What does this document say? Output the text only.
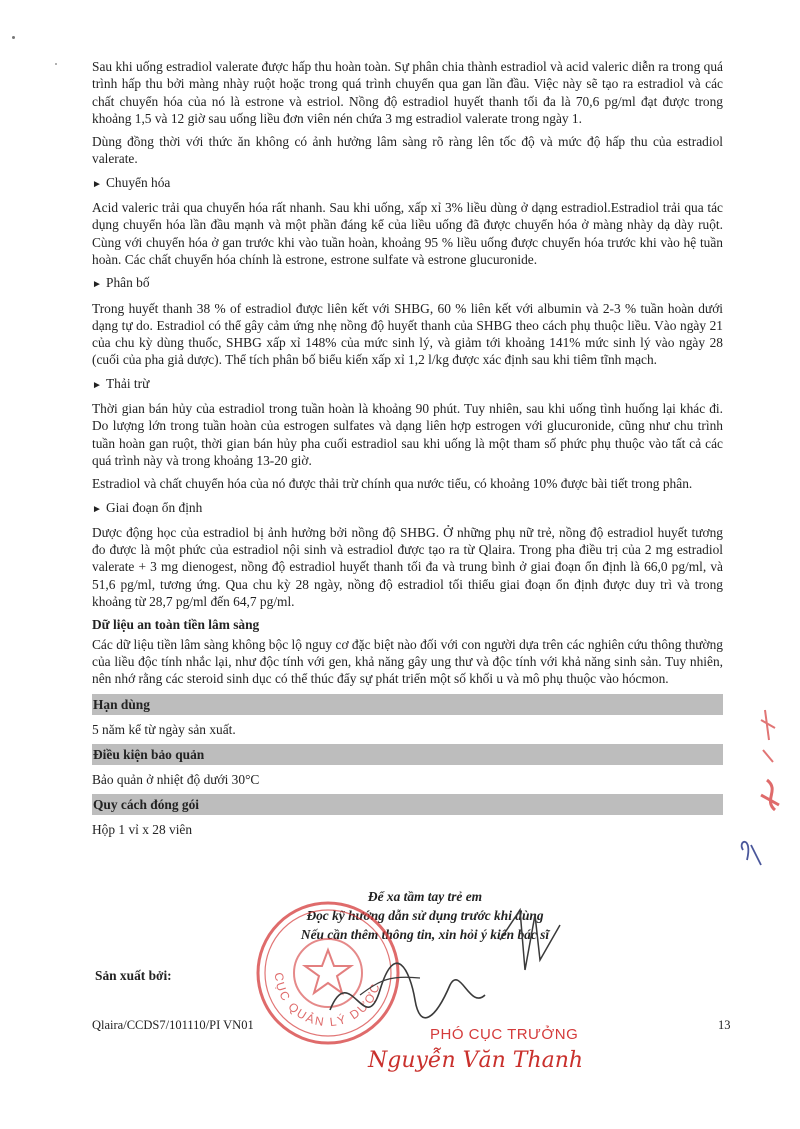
Sau khi uống estradiol valerate được hấp thu hoàn toàn. Sự phân chia thành estradiol và acid valeric diễn ra trong quá trình hấp thu bởi màng nhày ruột hoặc trong quá trình chuyển qua gan lần đầu. Việc này sẽ tạo ra estradiol và các chất chuyển hóa của nó là estrone và estriol. Nồng độ estradiol huyết thanh tối đa là 70,6 pg/ml đạt được trong khoảng 1,5 và 12 giờ sau uống liều đơn viên nén chứa 3 mg estradiol valerate trong ngày 1.

Dùng đồng thời với thức ăn không có ảnh hưởng lâm sàng rõ ràng lên tốc độ và mức độ hấp thu của estradiol valerate.

► Chuyển hóa

Acid valeric trải qua chuyển hóa rất nhanh. Sau khi uống, xấp xỉ 3% liều dùng ở dạng estradiol.Estradiol trải qua tác dụng chuyển hóa lần đầu mạnh và một phần đáng kể của liều uống đã được chuyển hóa ở màng nhày dạ dày ruột. Cùng với chuyển hóa ở gan trước khi vào tuần hoàn, khoảng 95 % liều uống được chuyển hóa trước khi vào hệ tuần hoàn. Các chất chuyển hóa chính là estrone, estrone sulfate và estrone glucuronide.

► Phân bố

Trong huyết thanh 38 % of estradiol được liên kết với SHBG, 60 % liên kết với albumin và 2-3 % tuần hoàn dưới dạng tự do. Estradiol có thể gây cảm ứng nhẹ nồng độ huyết thanh của SHBG theo cách phụ thuộc liều. Vào ngày 21 của chu kỳ dùng thuốc, SHBG xấp xỉ 148% của mức sinh lý, và giảm tới khoảng 141% mức sinh lý vào ngày 28 (cuối của pha giả dược). Thể tích phân bố biểu kiến xấp xỉ 1,2 l/kg được xác định sau khi tiêm tĩnh mạch.

► Thải trừ

Thời gian bán hủy của estradiol trong tuần hoàn là khoảng 90 phút. Tuy nhiên, sau khi uống tình huống lại khác đi. Do lượng lớn trong tuần hoàn của estrogen sulfates và dạng liên hợp estrogen với glucuronide, cũng như chu trình tuần hoàn gan ruột, thời gian bán hủy pha cuối estradiol sau khi uống là một tham số phức phụ thuộc vào tất cả các quá trình này và trong khoảng 13-20 giờ.

Estradiol và chất chuyển hóa của nó được thải trừ chính qua nước tiểu, có khoảng 10% được bài tiết trong phân.

► Giai đoạn ổn định

Dược động học của estradiol bị ảnh hưởng bởi nồng độ SHBG. Ở những phụ nữ trẻ, nồng độ estradiol huyết tương đo được là một phức của estradiol nội sinh và estradiol được tạo ra từ Qlaira. Trong pha điều trị của 2 mg estradiol valerate + 3 mg dienogest, nồng độ estradiol huyết thanh tối đa và trung bình ở giai đoạn ổn định là 66,0 pg/ml, và 51,6 pg/ml, tương ứng. Qua chu kỳ 28 ngày, nồng độ estradiol tối thiểu giai đoạn ổn định được duy trì và trong khoảng từ 28,7 pg/ml đến 64,7 pg/ml.

Dữ liệu an toàn tiền lâm sàng

Các dữ liệu tiền lâm sàng không bộc lộ nguy cơ đặc biệt nào đối với con người dựa trên các nghiên cứu thông thường của liều độc tính nhắc lại, như độc tính với gen, khả năng gây ung thư và độc tính với khả năng sinh sản. Tuy nhiên, nên nhớ rằng các steroid sinh dục có thể thúc đẩy sự phát triển một số khối u và mô phụ thuộc vào hócmon.

Hạn dùng
5 năm kể từ ngày sản xuất.
Điều kiện bảo quản
Bảo quản ở nhiệt độ dưới 30°C
Quy cách đóng gói
Hộp 1 vỉ x 28 viên
Để xa tầm tay trẻ em
Đọc kỹ hướng dẫn sử dụng trước khi dùng
Nếu cần thêm thông tin, xin hỏi ý kiến bác sĩ
Sản xuất bởi:
Qlaira/CCDS7/101110/PI VN01	13
CỤC QUẢN LÝ DƯỢC
PHÓ CỤC TRƯỞNG
Nguyễn Văn Thanh
